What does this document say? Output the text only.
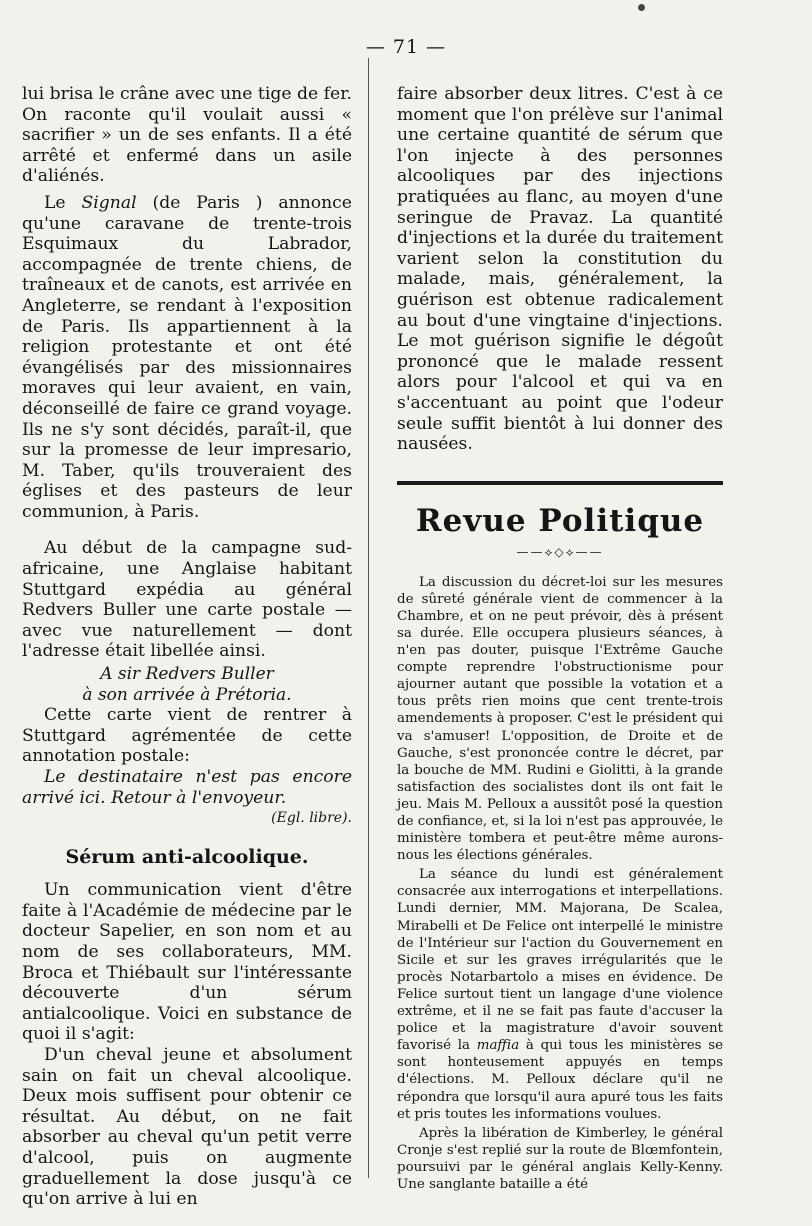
— 71 —

lui brisa le crâne avec une tige de fer. On raconte qu'il voulait aussi « sacrifier » un de ses enfants. Il a été arrêté et enfermé dans un asile d'aliénés.

Le Signal (de Paris ) annonce qu'une caravane de trente-trois Esquimaux du Labrador, accompagnée de trente chiens, de traîneaux et de canots, est arrivée en Angleterre, se rendant à l'exposition de Paris. Ils appartiennent à la religion protestante et ont été évangélisés par des missionnaires moraves qui leur avaient, en vain, déconseillé de faire ce grand voyage. Ils ne s'y sont décidés, paraît-il, que sur la promesse de leur impresario, M. Taber, qu'ils trouveraient des églises et des pasteurs de leur communion, à Paris.

Au début de la campagne sud-africaine, une Anglaise habitant Stuttgard expédia au général Redvers Buller une carte postale — avec vue naturellement — dont l'adresse était libellée ainsi.

A sir Redvers Buller
à son arrivée à Prétoria.

Cette carte vient de rentrer à Stuttgard agrémentée de cette annotation postale:

Le destinataire n'est pas encore arrivé ici. Retour à l'envoyeur.

(Egl. libre).
Sérum anti-alcoolique.

Un communication vient d'être faite à l'Académie de médecine par le docteur Sapelier, en son nom et au nom de ses collaborateurs, MM. Broca et Thiébault sur l'intéressante découverte d'un sérum antialcoolique. Voici en substance de quoi il s'agit:

D'un cheval jeune et absolument sain on fait un cheval alcoolique. Deux mois suffisent pour obtenir ce résultat. Au début, on ne fait absorber au cheval qu'un petit verre d'alcool, puis on augmente graduellement la dose jusqu'à ce qu'on arrive à lui en

faire absorber deux litres. C'est à ce moment que l'on prélève sur l'animal une certaine quantité de sérum que l'on injecte à des personnes alcooliques par des injections pratiquées au flanc, au moyen d'une seringue de Pravaz. La quantité d'injections et la durée du traitement varient selon la constitution du malade, mais, généralement, la guérison est obtenue radicalement au bout d'une vingtaine d'injections. Le mot guérison signifie le dégoût prononcé que le malade ressent alors pour l'alcool et qui va en s'accentuant au point que l'odeur seule suffit bientôt à lui donner des nausées.

Revue Politique
——⟡◇⟡——

La discussion du décret-loi sur les mesures de sûreté générale vient de commencer à la Chambre, et on ne peut prévoir, dès à présent sa durée. Elle occupera plusieurs séances, à n'en pas douter, puisque l'Extrême Gauche compte reprendre l'obstructionisme pour ajourner autant que possible la votation et a tous prêts rien moins que cent trente-trois amendements à proposer. C'est le président qui va s'amuser! L'opposition, de Droite et de Gauche, s'est prononcée contre le décret, par la bouche de MM. Rudini e Giolitti, à la grande satisfaction des socialistes dont ils ont fait le jeu. Mais M. Pelloux a aussitôt posé la question de confiance, et, si la loi n'est pas approuvée, le ministère tombera et peut-être même aurons-nous les élections générales.

La séance du lundi est généralement consacrée aux interrogations et interpellations. Lundi dernier, MM. Majorana, De Scalea, Mirabelli et De Felice ont interpellé le ministre de l'Intérieur sur l'action du Gouvernement en Sicile et sur les graves irrégularités que le procès Notarbartolo a mises en évidence. De Felice surtout tient un langage d'une violence extrême, et il ne se fait pas faute d'accuser la police et la magistrature d'avoir souvent favorisé la maffia à qui tous les ministères se sont honteusement appuyés en temps d'élections. M. Pelloux déclare qu'il ne répondra que lorsqu'il aura apuré tous les faits et pris toutes les informations voulues.

Après la libération de Kimberley, le général Cronje s'est replié sur la route de Blœmfontein, poursuivi par le général anglais Kelly-Kenny. Une sanglante bataille a été
